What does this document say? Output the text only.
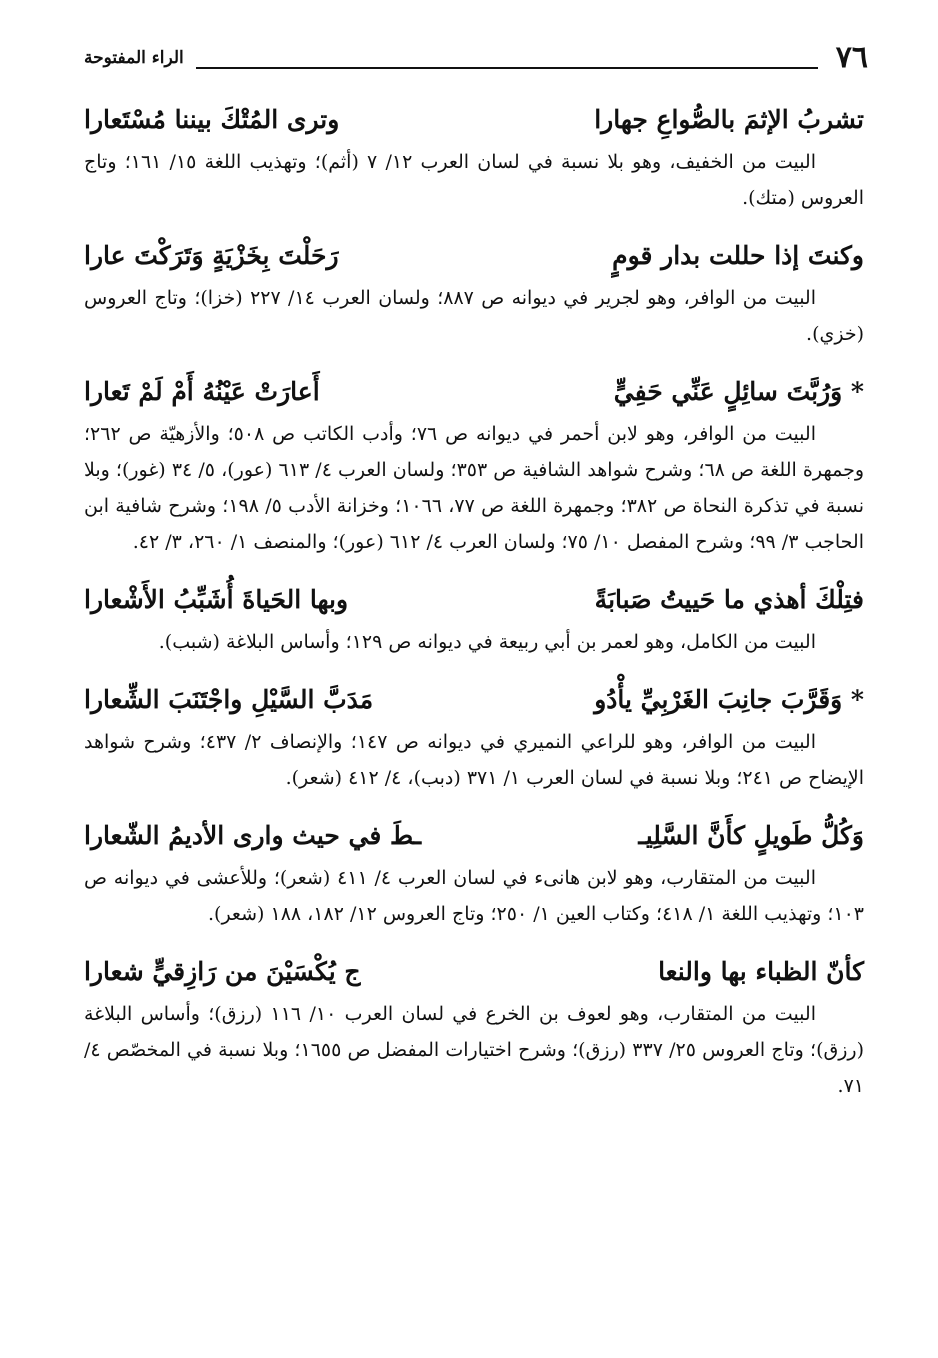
٧٦
الراء المفتوحة
تشربُ الإثمَ بالصُّواعِ جهارا
وترى المُتْكَ بيننا مُسْتَعارا
البيت من الخفيف، وهو بلا نسبة في لسان العرب ١٢/ ٧ (أثم)؛ وتهذيب اللغة ١٥/ ١٦١؛ وتاج العروس (متك).
وكنتَ إذا حللت بدار قومٍ
رَحَلْتَ بِخَزْيَةٍ وَتَرَكْتَ عارا
البيت من الوافر، وهو لجرير في ديوانه ص ٨٨٧؛ ولسان العرب ١٤/ ٢٢٧ (خزا)؛ وتاج العروس (خزي).
* وَرُبَّتَ سائِلٍ عَنِّي حَفِيٍّ
أَعارَتْ عَيْنُهُ أَمْ لَمْ تَعارا
البيت من الوافر، وهو لابن أحمر في ديوانه ص ٧٦؛ وأدب الكاتب ص ٥٠٨؛ والأزهيّة ص ٢٦٢؛ وجمهرة اللغة ص ٦٨؛ وشرح شواهد الشافية ص ٣٥٣؛ ولسان العرب ٤/ ٦١٣ (عور)، ٥/ ٣٤ (غور)؛ وبلا نسبة في تذكرة النحاة ص ٣٨٢؛ وجمهرة اللغة ص ٧٧، ١٠٦٦؛ وخزانة الأدب ٥/ ١٩٨؛ وشرح شافية ابن الحاجب ٣/ ٩٩؛ وشرح المفصل ١٠/ ٧٥؛ ولسان العرب ٤/ ٦١٢ (عور)؛ والمنصف ١/ ٢٦٠، ٣/ ٤٢.
فتِلْكَ أهذي ما حَييتُ صَبابَةً
وبها الحَياةَ أُشَبِّبُ الأَشْعارا
البيت من الكامل، وهو لعمر بن أبي ربيعة في ديوانه ص ١٢٩؛ وأساس البلاغة (شبب).
* وَقَرَّبَ جانِبَ الغَرْبِيِّ يأْدُو
مَدَبَّ السَّيْلِ واجْتَنَبَ الشِّعارا
البيت من الوافر، وهو للراعي النميري في ديوانه ص ١٤٧؛ والإنصاف ٢/ ٤٣٧؛ وشرح شواهد الإيضاح ص ٢٤١؛ وبلا نسبة في لسان العرب ١/ ٣٧١ (دبب)، ٤/ ٤١٢ (شعر).
وَكُلُّ طَويلٍ كأَنَّ السَّلِيـ
ـطَ في حيث وارى الأديمُ الشّعارا
البيت من المتقارب، وهو لابن هانىء في لسان العرب ٤/ ٤١١ (شعر)؛ وللأعشى في ديوانه ص ١٠٣؛ وتهذيب اللغة ١/ ٤١٨؛ وكتاب العين ١/ ٢٥٠؛ وتاج العروس ١٢/ ١٨٢، ١٨٨ (شعر).
كأنّ الظباء بها والنعا
ج يُكْسَيْنَ من رَازِقيٍّ شعارا
البيت من المتقارب، وهو لعوف بن الخرع في لسان العرب ١٠/ ١١٦ (رزق)؛ وأساس البلاغة (رزق)؛ وتاج العروس ٢٥/ ٣٣٧ (رزق)؛ وشرح اختيارات المفضل ص ١٦٥٥؛ وبلا نسبة في المخصّص ٤/ ٧١.
